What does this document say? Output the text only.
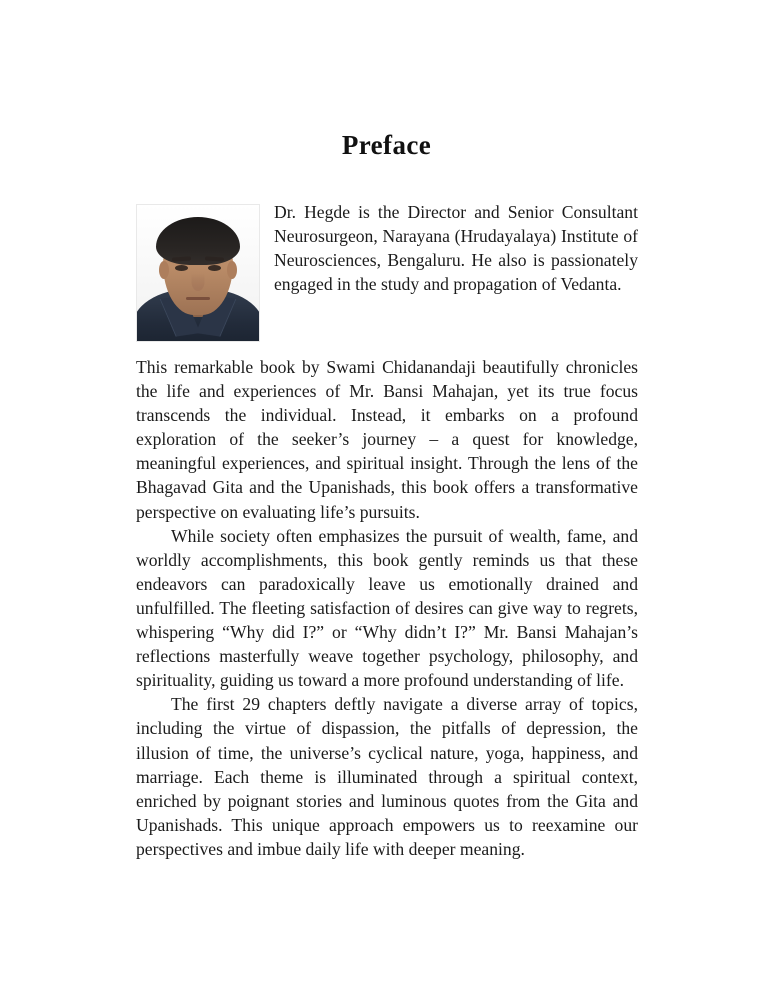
Preface

Dr. Hegde is the Director and Senior Consultant Neurosurgeon, Narayana (Hrudayalaya) Institute of Neurosciences, Bengaluru. He also is passionately engaged in the study and propagation of Vedanta.

This remarkable book by Swami Chidanandaji beautifully chronicles the life and experiences of Mr. Bansi Mahajan, yet its true focus transcends the individual. Instead, it embarks on a profound exploration of the seeker’s journey – a quest for knowledge, meaningful experiences, and spiritual insight. Through the lens of the Bhagavad Gita and the Upanishads, this book offers a transformative perspective on evaluating life’s pursuits.

While society often emphasizes the pursuit of wealth, fame, and worldly accomplishments, this book gently reminds us that these endeavors can paradoxically leave us emotionally drained and unfulfilled. The fleeting satisfaction of desires can give way to regrets, whispering “Why did I?” or “Why didn’t I?” Mr. Bansi Mahajan’s reflections masterfully weave together psychology, philosophy, and spirituality, guiding us toward a more profound understanding of life.

The first 29 chapters deftly navigate a diverse array of topics, including the virtue of dispassion, the pitfalls of depression, the illusion of time, the universe’s cyclical nature, yoga, happiness, and marriage. Each theme is illuminated through a spiritual context, enriched by poignant stories and luminous quotes from the Gita and Upanishads. This unique approach empowers us to reexamine our perspectives and imbue daily life with deeper meaning.
